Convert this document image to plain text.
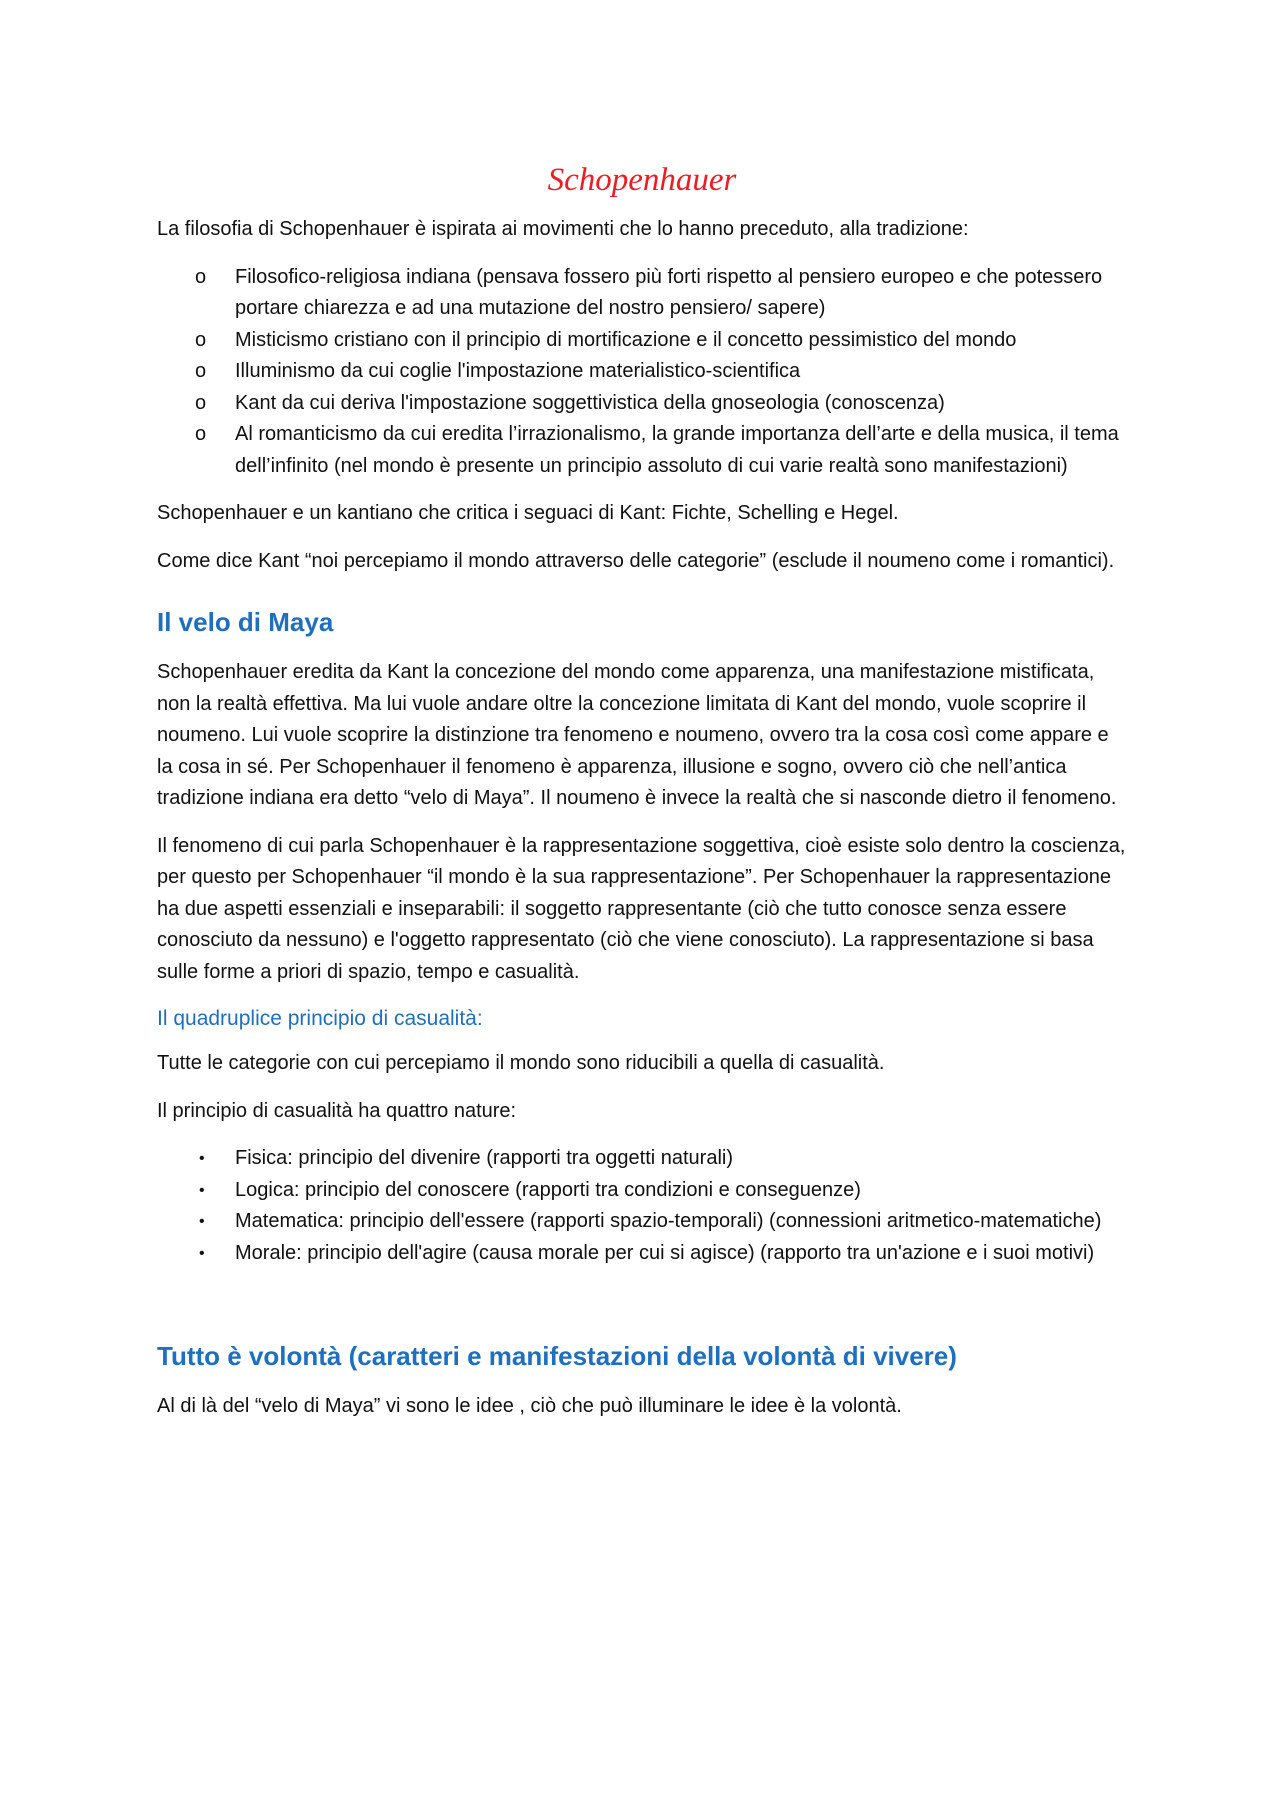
Schopenhauer

La filosofia di Schopenhauer è ispirata ai movimenti che lo hanno preceduto, alla tradizione:

o Filosofico-religiosa indiana (pensava fossero più forti rispetto al pensiero europeo e che potessero portare chiarezza e ad una mutazione del nostro pensiero/ sapere)
o Misticismo cristiano con il principio di mortificazione e il concetto pessimistico del mondo
o Illuminismo da cui coglie l'impostazione materialistico-scientifica
o Kant da cui deriva l'impostazione soggettivistica della gnoseologia (conoscenza)
o Al romanticismo da cui eredita l’irrazionalismo, la grande importanza dell’arte e della musica, il tema dell’infinito (nel mondo è presente un principio assoluto di cui varie realtà sono manifestazioni)

Schopenhauer e un kantiano che critica i seguaci di Kant: Fichte, Schelling e Hegel.

Come dice Kant “noi percepiamo il mondo attraverso delle categorie” (esclude il noumeno come i romantici).

Il velo di Maya

Schopenhauer eredita da Kant la concezione del mondo come apparenza, una manifestazione mistificata, non la realtà effettiva. Ma lui vuole andare oltre la concezione limitata di Kant del mondo, vuole scoprire il noumeno. Lui vuole scoprire la distinzione tra fenomeno e noumeno, ovvero tra la cosa così come appare e la cosa in sé. Per Schopenhauer il fenomeno è apparenza, illusione e sogno, ovvero ciò che nell’antica tradizione indiana era detto “velo di Maya”. Il noumeno è invece la realtà che si nasconde dietro il fenomeno.

Il fenomeno di cui parla Schopenhauer è la rappresentazione soggettiva, cioè esiste solo dentro la coscienza, per questo per Schopenhauer “il mondo è la sua rappresentazione”. Per Schopenhauer la rappresentazione ha due aspetti essenziali e inseparabili: il soggetto rappresentante (ciò che tutto conosce senza essere conosciuto da nessuno) e l'oggetto rappresentato (ciò che viene conosciuto). La rappresentazione si basa sulle forme a priori di spazio, tempo e casualità.

Il quadruplice principio di casualità:

Tutte le categorie con cui percepiamo il mondo sono riducibili a quella di casualità.

Il principio di casualità ha quattro nature:

• Fisica: principio del divenire (rapporti tra oggetti naturali)
• Logica: principio del conoscere (rapporti tra condizioni e conseguenze)
• Matematica: principio dell'essere (rapporti spazio-temporali) (connessioni aritmetico-matematiche)
• Morale: principio dell'agire (causa morale per cui si agisce) (rapporto tra un'azione e i suoi motivi)
Tutto è volontà (caratteri e manifestazioni della volontà di vivere)

Al di là del “velo di Maya” vi sono le idee , ciò che può illuminare le idee è la volontà.
